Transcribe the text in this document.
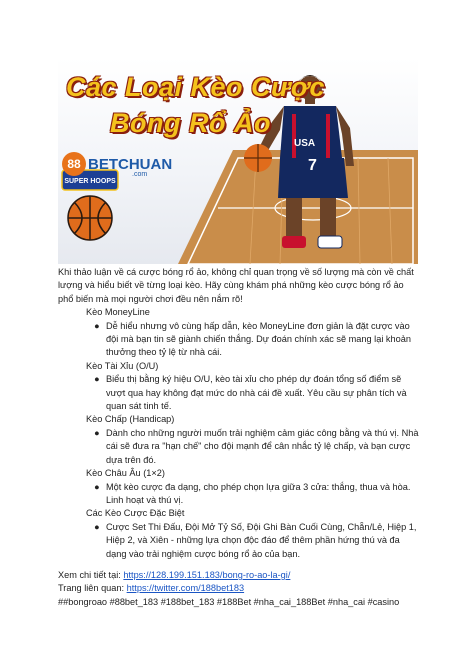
USA
7
Các Loại Kèo Cược
Bóng Rổ Ảo
88 BETCHUAN
.com
SUPER HOOPS

Khi thảo luận về cá cược bóng rổ ảo, không chỉ quan trọng về số lượng mà còn về chất lượng và hiểu biết về từng loại kèo. Hãy cùng khám phá những kèo cược bóng rổ ảo phổ biến mà mọi người chơi đều nên nắm rõ!

Kèo MoneyLine

● Dễ hiểu nhưng vô cùng hấp dẫn, kèo MoneyLine đơn giản là đặt cược vào đội mà bạn tin sẽ giành chiến thắng. Dự đoán chính xác sẽ mang lại khoản thưởng theo tỷ lệ từ nhà cái.

Kèo Tài Xỉu (O/U)

● Biểu thị bằng ký hiệu O/U, kèo tài xỉu cho phép dự đoán tổng số điểm sẽ vượt qua hay không đạt mức do nhà cái đề xuất. Yêu cầu sự phân tích và quan sát tinh tế.

Kèo Chấp (Handicap)

● Dành cho những người muốn trải nghiệm cảm giác công bằng và thú vị. Nhà cái sẽ đưa ra "hạn chế" cho đội mạnh để cân nhắc tỷ lệ chấp, và bạn cược dựa trên đó.

Kèo Châu Âu (1×2)

● Một kèo cược đa dạng, cho phép chọn lựa giữa 3 cửa: thắng, thua và hòa. Linh hoạt và thú vị.

Các Kèo Cược Đặc Biệt

● Cược Set Thi Đấu, Đội Mở Tỷ Số, Đội Ghi Bàn Cuối Cùng, Chẵn/Lẻ, Hiệp 1, Hiệp 2, và Xiên - những lựa chọn độc đáo để thêm phần hứng thú và đa dạng vào trải nghiệm cược bóng rổ ảo của bạn.

Xem chi tiết tại: https://128.199.151.183/bong-ro-ao-la-gi/

Trang liên quan: https://twitter.com/188bet183

##bongroao #88bet_183 #188bet_183 #188Bet #nha_cai_188Bet #nha_cai #casino
